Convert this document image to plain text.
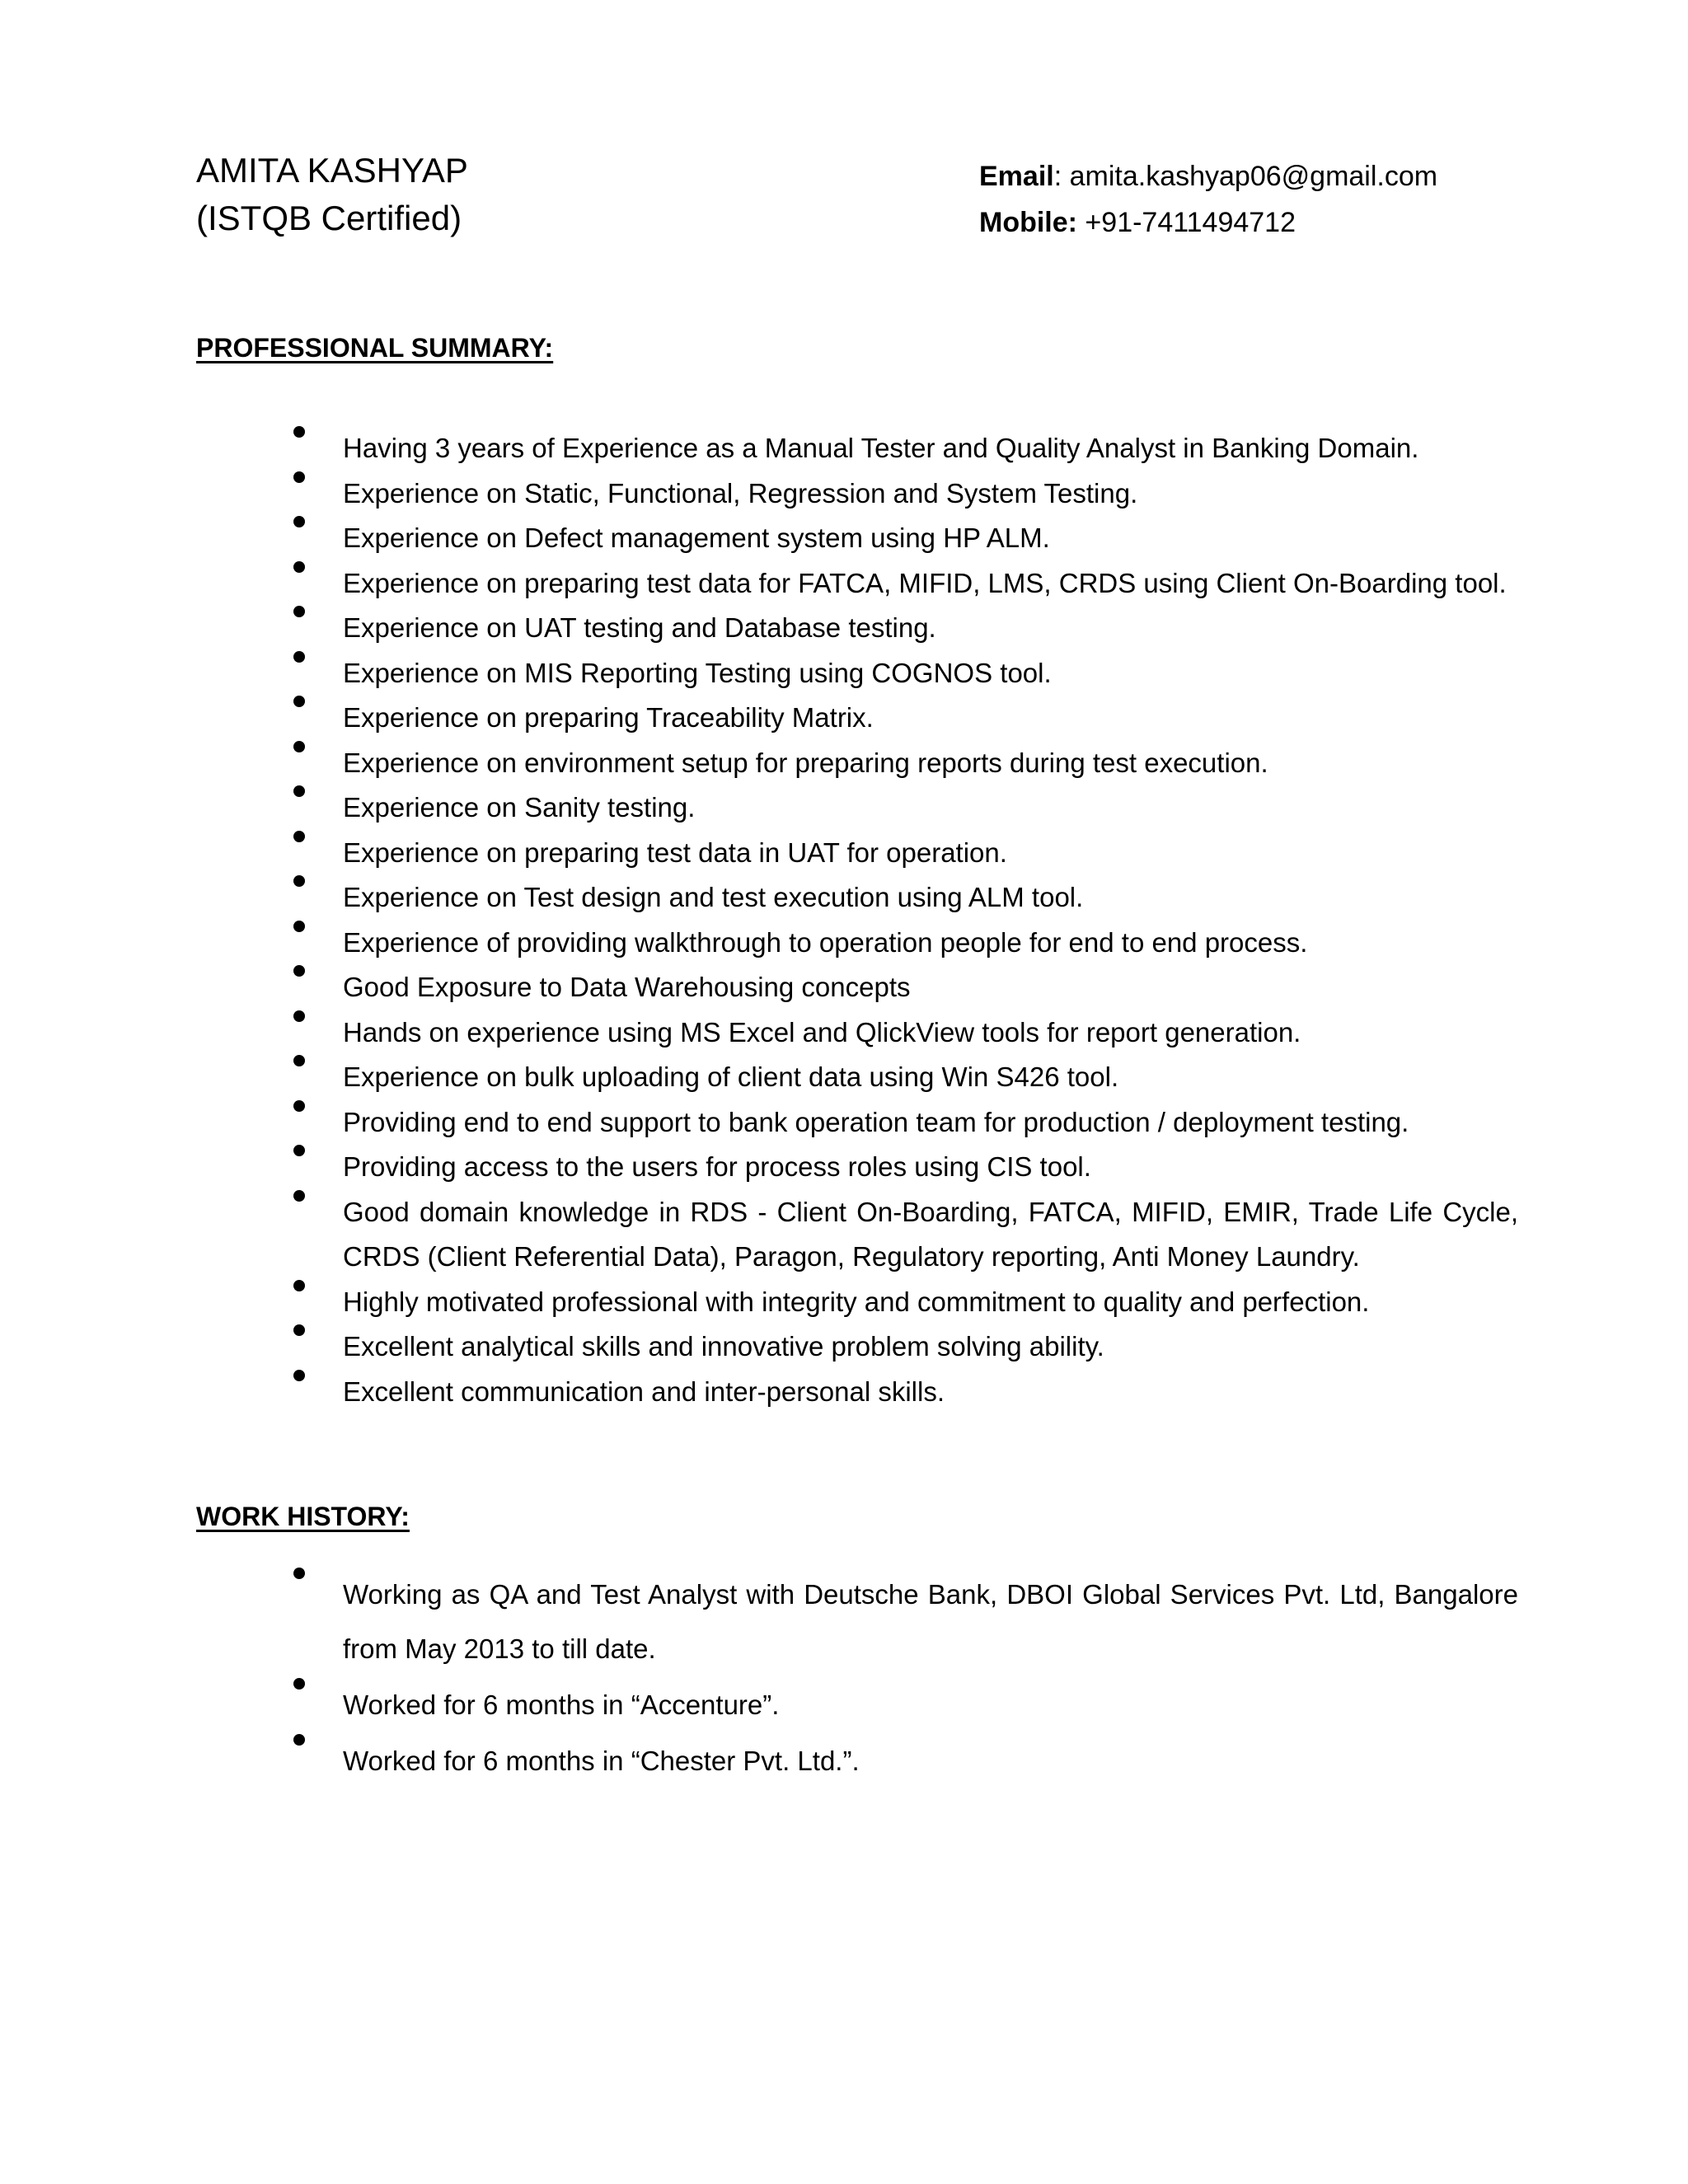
AMITA KASHYAP
(ISTQB Certified)
Email: amita.kashyap06@gmail.com
Mobile: +91-7411494712
PROFESSIONAL SUMMARY:
Having 3 years of Experience as a Manual Tester and Quality Analyst in Banking Domain.
Experience on Static, Functional, Regression and System Testing.
Experience on Defect management system using HP ALM.
Experience on preparing test data for FATCA, MIFID, LMS, CRDS using Client On-Boarding tool.
Experience on UAT testing and Database testing.
Experience on MIS Reporting Testing using COGNOS tool.
Experience on preparing Traceability Matrix.
Experience on environment setup for preparing reports during test execution.
Experience on Sanity testing.
Experience on preparing test data in UAT for operation.
Experience on Test design and test execution using ALM tool.
Experience of providing walkthrough to operation people for end to end process.
Good Exposure to Data Warehousing concepts
Hands on experience using MS Excel and QlickView tools for report generation.
Experience on bulk uploading of client data using Win S426 tool.
Providing end to end support to bank operation team for production / deployment testing.
Providing access to the users for process roles using CIS tool.
Good domain knowledge in RDS - Client On-Boarding, FATCA, MIFID, EMIR, Trade Life Cycle, CRDS (Client Referential Data), Paragon, Regulatory reporting, Anti Money Laundry.
Highly motivated professional with integrity and commitment to quality and perfection.
Excellent analytical skills and innovative problem solving ability.
Excellent communication and inter-personal skills.
WORK HISTORY:
Working as QA and Test Analyst with Deutsche Bank, DBOI Global Services Pvt. Ltd, Bangalore from May 2013 to till date.
Worked for 6 months in “Accenture”.
Worked for 6 months in “Chester Pvt. Ltd.”.
